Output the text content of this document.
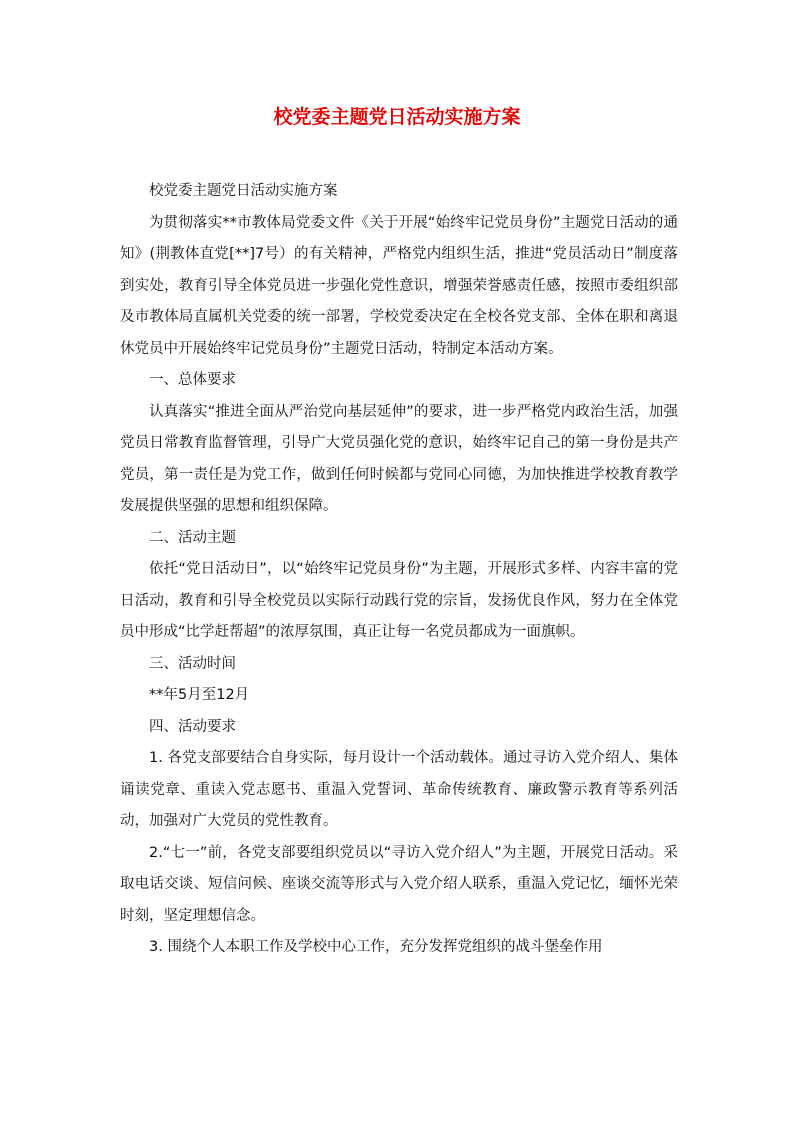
校党委主题党日活动实施方案

校党委主题党日活动实施方案

为贯彻落实**市教体局党委文件《关于开展“始终牢记党员身份”主题党日活动的通知》(荆教体直党[**]7号）的有关精神，严格党内组织生活，推进“党员活动日”制度落到实处，教育引导全体党员进一步强化党性意识，增强荣誉感责任感，按照市委组织部及市教体局直属机关党委的统一部署，学校党委决定在全校各党支部、全体在职和离退休党员中开展始终牢记党员身份”主题党日活动，特制定本活动方案。

一、总体要求

认真落实“推进全面从严治党向基层延伸”的要求，进一步严格党内政治生活，加强党员日常教育监督管理，引导广大党员强化党的意识，始终牢记自己的第一身份是共产党员，第一责任是为党工作，做到任何时候都与党同心同德，为加快推进学校教育教学发展提供坚强的思想和组织保障。

二、活动主题

依托“党日活动日”，以“始终牢记党员身份”为主题，开展形式多样、内容丰富的党日活动，教育和引导全校党员以实际行动践行党的宗旨，发扬优良作风，努力在全体党员中形成“比学赶帮超”的浓厚氛围，真正让每一名党员都成为一面旗帜。

三、活动时间

**年5月至12月

四、活动要求

1. 各党支部要结合自身实际，每月设计一个活动载体。通过寻访入党介绍人、集体诵读党章、重读入党志愿书、重温入党誓词、革命传统教育、廉政警示教育等系列活动，加强对广大党员的党性教育。

2.“七一”前，各党支部要组织党员以“寻访入党介绍人”为主题，开展党日活动。采取电话交谈、短信问候、座谈交流等形式与入党介绍人联系，重温入党记忆，缅怀光荣时刻，坚定理想信念。

3. 围绕个人本职工作及学校中心工作，充分发挥党组织的战斗堡垒作用
